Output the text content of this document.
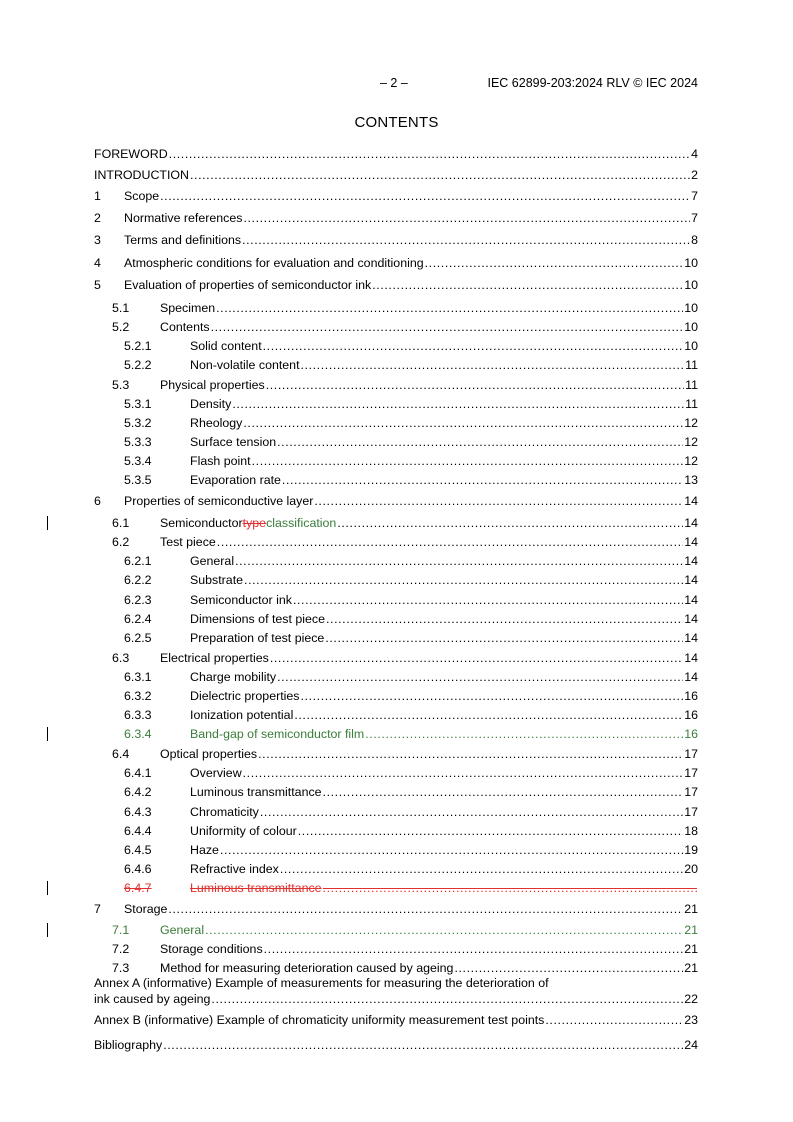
– 2 –	IEC 62899-203:2024 RLV © IEC 2024
CONTENTS
FOREWORD .....	4
INTRODUCTION .....	2
1 Scope .....	7
2 Normative references .....	7
3 Terms and definitions .....	8
4 Atmospheric conditions for evaluation and conditioning .....	10
5 Evaluation of properties of semiconductor ink .....	10
5.1 Specimen .....	10
5.2 Contents .....	10
5.2.1	Solid content .....	10
5.2.2	Non-volatile content .....	11
5.3 Physical properties .....	11
5.3.1	Density .....	11
5.3.2	Rheology .....	12
5.3.3	Surface tension .....	12
5.3.4	Flash point .....	12
5.3.5	Evaporation rate .....	13
6 Properties of semiconductive layer .....	14
6.1 Semiconductor type classification .....	14
6.2 Test piece .....	14
6.2.1	General .....	14
6.2.2	Substrate .....	14
6.2.3	Semiconductor ink .....	14
6.2.4	Dimensions of test piece .....	14
6.2.5	Preparation of test piece .....	14
6.3 Electrical properties .....	14
6.3.1	Charge mobility .....	14
6.3.2	Dielectric properties .....	16
6.3.3	Ionization potential .....	16
6.3.4	Band-gap of semiconductor film .....	16
6.4 Optical properties .....	17
6.4.1	Overview .....	17
6.4.2	Luminous transmittance .....	17
6.4.3	Chromaticity .....	17
6.4.4	Uniformity of colour .....	18
6.4.5	Haze .....	19
6.4.6	Refractive index .....	20
6.4.7	Luminous transmittance
.....
7 Storage .....	21
7.1 General .....	21
7.2 Storage conditions .....	21
7.3 Method for measuring deterioration caused by ageing .....	21
Annex A (informative) Example of measurements for measuring the deterioration of
ink caused by ageing .....	22
Annex B (informative) Example of chromaticity uniformity measurement test points .....	23
Bibliography .....	24
